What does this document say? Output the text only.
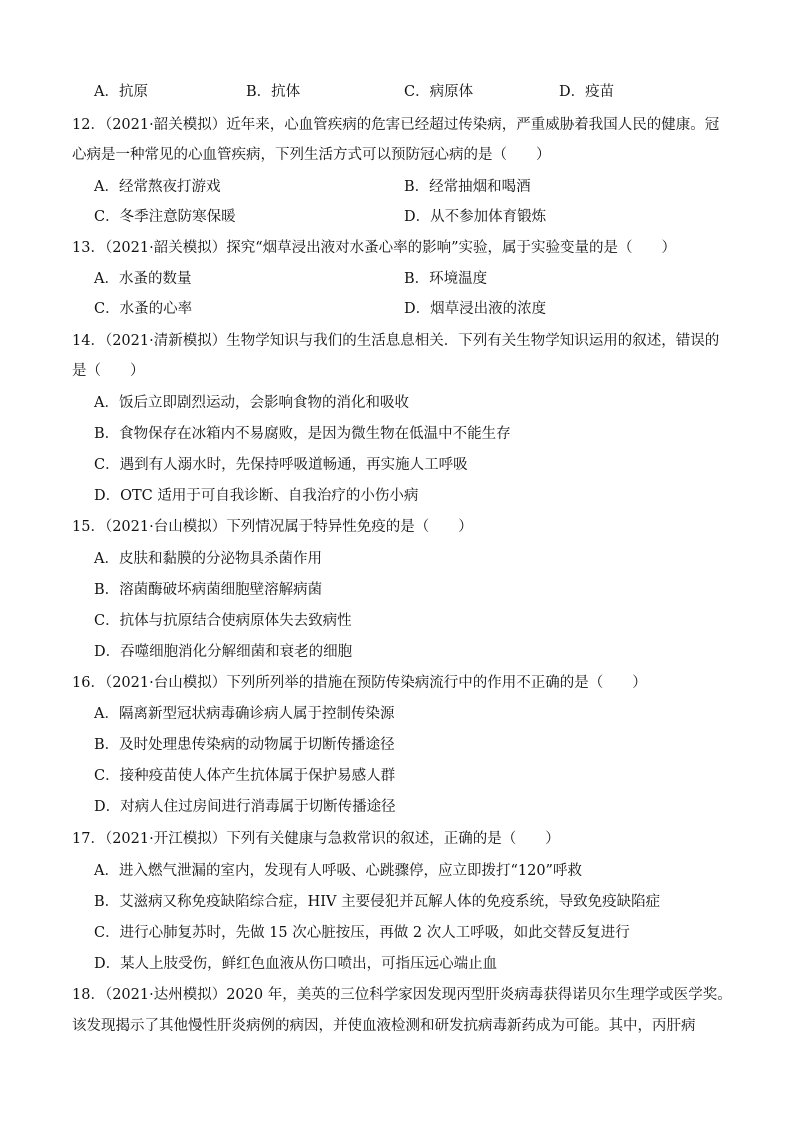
A．抗原	B．抗体	C．病原体	D．疫苗
12．（2021·韶关模拟）近年来，心血管疾病的危害已经超过传染病，严重威胁着我国人民的健康。冠
心病是一种常见的心血管疾病，下列生活方式可以预防冠心病的是（　　）
A．经常熬夜打游戏	B．经常抽烟和喝酒
C．冬季注意防寒保暖	D．从不参加体育锻炼
13．（2021·韶关模拟）探究“烟草浸出液对水蚤心率的影响”实验，属于实验变量的是（　　）
A．水蚤的数量	B．环境温度
C．水蚤的心率	D．烟草浸出液的浓度
14．（2021·清新模拟）生物学知识与我们的生活息息相关．下列有关生物学知识运用的叙述，错误的
是（　　）
A．饭后立即剧烈运动，会影响食物的消化和吸收
B．食物保存在冰箱内不易腐败，是因为微生物在低温中不能生存
C．遇到有人溺水时，先保持呼吸道畅通，再实施人工呼吸
D．OTC 适用于可自我诊断、自我治疗的小伤小病
15．（2021·台山模拟）下列情况属于特异性免疫的是（　　）
A．皮肤和黏膜的分泌物具杀菌作用
B．溶菌酶破坏病菌细胞壁溶解病菌
C．抗体与抗原结合使病原体失去致病性
D．吞噬细胞消化分解细菌和衰老的细胞
16．（2021·台山模拟）下列所列举的措施在预防传染病流行中的作用不正确的是（　　）
A．隔离新型冠状病毒确诊病人属于控制传染源
B．及时处理患传染病的动物属于切断传播途径
C．接种疫苗使人体产生抗体属于保护易感人群
D．对病人住过房间进行消毒属于切断传播途径
17．（2021·开江模拟）下列有关健康与急救常识的叙述，正确的是（　　）
A．进入燃气泄漏的室内，发现有人呼吸、心跳骤停，应立即拨打“120”呼救
B．艾滋病又称免疫缺陷综合症，HIV 主要侵犯并瓦解人体的免疫系统，导致免疫缺陷症
C．进行心肺复苏时，先做 15 次心脏按压，再做 2 次人工呼吸，如此交替反复进行
D．某人上肢受伤，鲜红色血液从伤口喷出，可指压远心端止血
18．（2021·达州模拟）2020 年，美英的三位科学家因发现丙型肝炎病毒获得诺贝尔生理学或医学奖。
该发现揭示了其他慢性肝炎病例的病因，并使血液检测和研发抗病毒新药成为可能。其中，丙肝病
